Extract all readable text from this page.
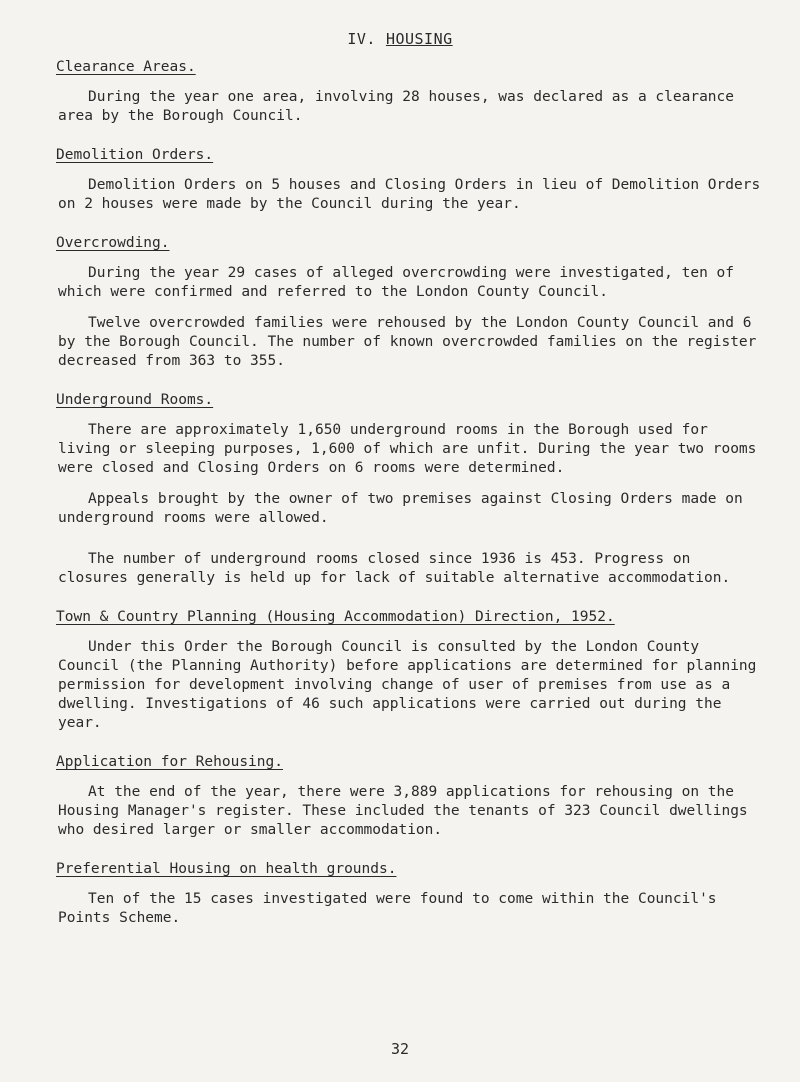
IV. HOUSING
Clearance Areas.

During the year one area, involving 28 houses, was declared as a clearance area by the Borough Council.

Demolition Orders.

Demolition Orders on 5 houses and Closing Orders in lieu of Demolition Orders on 2 houses were made by the Council during the year.

Overcrowding.

During the year 29 cases of alleged overcrowding were investigated, ten of which were confirmed and referred to the London County Council.

Twelve overcrowded families were rehoused by the London County Council and 6 by the Borough Council. The number of known overcrowded families on the register decreased from 363 to 355.

Underground Rooms.

There are approximately 1,650 underground rooms in the Borough used for living or sleeping purposes, 1,600 of which are unfit. During the year two rooms were closed and Closing Orders on 6 rooms were determined.

Appeals brought by the owner of two premises against Closing Orders made on underground rooms were allowed.

The number of underground rooms closed since 1936 is 453. Progress on closures generally is held up for lack of suitable alternative accommodation.

Town & Country Planning (Housing Accommodation) Direction, 1952.

Under this Order the Borough Council is consulted by the London County Council (the Planning Authority) before applications are determined for planning permission for development involving change of user of premises from use as a dwelling. Investigations of 46 such applications were carried out during the year.

Application for Rehousing.

At the end of the year, there were 3,889 applications for rehousing on the Housing Manager's register. These included the tenants of 323 Council dwellings who desired larger or smaller accommodation.

Preferential Housing on health grounds.

Ten of the 15 cases investigated were found to come within the Council's Points Scheme.

32
